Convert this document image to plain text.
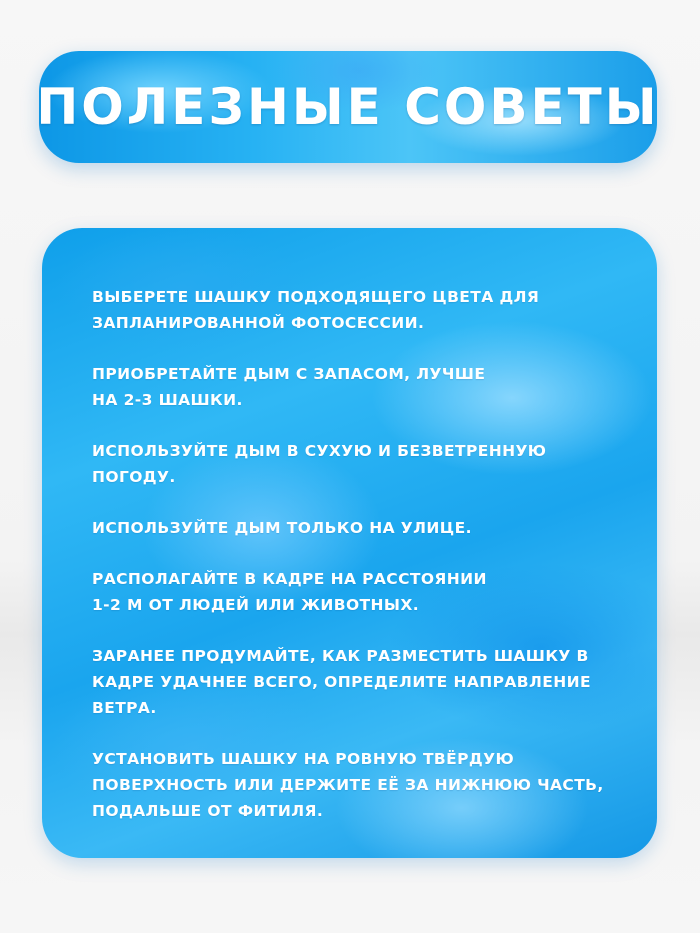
ПОЛЕЗНЫЕ СОВЕТЫ
ВЫБЕРЕТЕ ШАШКУ ПОДХОДЯЩЕГО ЦВЕТА ДЛЯ
ЗАПЛАНИРОВАННОЙ ФОТОСЕССИИ.
ПРИОБРЕТАЙТЕ ДЫМ С ЗАПАСОМ, ЛУЧШЕ
НА 2-3 ШАШКИ.
ИСПОЛЬЗУЙТЕ ДЫМ В СУХУЮ И БЕЗВЕТРЕННУЮ
ПОГОДУ.
ИСПОЛЬЗУЙТЕ ДЫМ ТОЛЬКО НА УЛИЦЕ.
РАСПОЛАГАЙТЕ В КАДРЕ НА РАССТОЯНИИ
1-2 М ОТ ЛЮДЕЙ ИЛИ ЖИВОТНЫХ.
ЗАРАНЕЕ ПРОДУМАЙТЕ, КАК РАЗМЕСТИТЬ ШАШКУ В
КАДРЕ УДАЧНЕЕ ВСЕГО, ОПРЕДЕЛИТЕ НАПРАВЛЕНИЕ
ВЕТРА.
УСТАНОВИТЬ ШАШКУ НА РОВНУЮ ТВЁРДУЮ
ПОВЕРХНОСТЬ ИЛИ ДЕРЖИТЕ ЕЁ ЗА НИЖНЮЮ ЧАСТЬ,
ПОДАЛЬШЕ ОТ ФИТИЛЯ.
